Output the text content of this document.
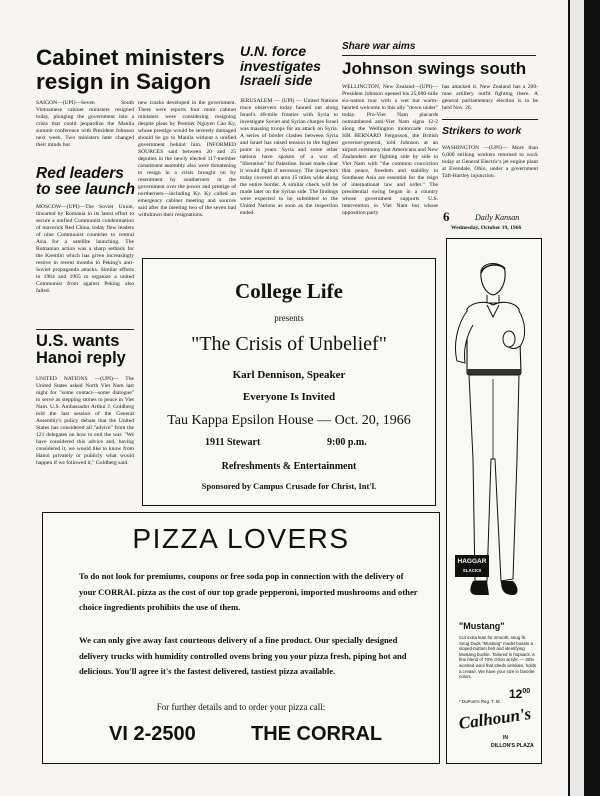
Cabinet ministers resign in Saigon
SAIGON—(UPI)—Seven South Vietnamese cabinet ministers resigned today, plunging the government into a crisis that could jeopardize the Manila summit conference with President Johnson next week. Two ministers later changed their minds but
Red leaders to see launch
MOSCOW—(UPI)—The Soviet Union, thwarted by Romania in its latest effort to secure a unified Communist condemnation of maverick Red China, today flew leaders of nine Communist countries to central Asia for a satellite launching. The Romanian action was a sharp setback for the Kremlin which has given increasingly restive in recent months to Peking's anti-Soviet propaganda attacks. Similar efforts in 1964 and 1965 to organize a united Communist front against Peking also failed.
U.S. wants Hanoi reply
UNITED NATIONS —(UPI)— The United States asked North Viet Nam last night for "some contact—some dialogue" to serve as stepping stones to peace in Viet Nam. U.S. Ambassador Arthur J. Goldberg told the last session of the General Assembly's policy debate that the United States has considered all "advice" from the 121 delegates on how to end the war. "We have considered this advice and, having considered it, we would like to know from Hanoi privately or publicly what would happen if we followed it," Goldberg said.
new cracks developed in the government. There were reports four more cabinet ministers were considering resigning despite pleas by Premier Nguyen Cao Ky, whose prestige would be severely damaged should he go to Manila without a unified government behind him. INFORMED SOURCES said between 20 and 25 deputies in the newly elected 117-member constituent assembly also were threatening to resign in a crisis brought on by resentment by southerners in the government over the power and prestige of northerners—including Ky. Ky called an emergency cabinet meeting and sources said after the meeting two of the seven had withdrawn their resignations.
U.N. force investigates Israeli side
JERUSALEM — (UPI) — United Nations truce observers today fanned out along Israel's 48-mile frontier with Syria to investigate Soviet and Syrian charges Israel was massing troops for an attack on Syria. A series of border clashes between Syria and Israel has raised tension to the highest point in years. Syria and some other nations have spoken of a war of "liberation" for Palestine. Israel made clear it would fight if necessary. The inspectors today covered an area 15 miles wide along the entire border. A similar check will be made later on the Syrian side. The findings were expected to be submitted to the United Nations as soon as the inspection ended.
Share war aims
Johnson swings south
WELLINGTON, New Zealand—(UPI)—President Johnson opened his 25,000-mile six-nation tour with a wet but warm-hearted welcome to this ally "down under" today. Pro-Viet Nam placards outnumbered anti-Viet Nam signs 12-2 along the Wellington motorcade route. SIR BERNARD Fergusson, the British governor-general, told Johnson at an airport ceremony that Americans and New Zealanders are fighting side by side in Viet Nam with "the common conviction that peace, freedom and stability in Southeast Asia are essential for the reign of international law and order." The presidential swing began in a country whose government supports U.S. intervention in Viet Nam but whose opposition party
has attacked it. New Zealand has a 200-man artillery outfit fighting there. A general parliamentary election is to be held Nov. 26.
Strikers to work
WASHINGTON —(UPI)— More than 6,000 striking workers returned to work today at General Electric's jet engine plant at Evendale, Ohio, under a government Taft-Hartley injunction.
6	Daily Kansan
Wednesday, October 19, 1966
College Life
presents
"The Crisis of Unbelief"
Karl Dennison, Speaker
Everyone Is Invited
Tau Kappa Epsilon House — Oct. 20, 1966
1911 Stewart	9:00 p.m.
Refreshments & Entertainment
Sponsored by Campus Crusade for Christ, Int'l.
PIZZA LOVERS
To do not look for premiums, coupons or free soda pop in connection with the delivery of your CORRAL pizza as the cost of our top grade pepperoni, imported mushrooms and other choice ingredients prohibits the use of them.
We can only give away fast courteous delivery of a fine product. Our specially designed delivery trucks with humidity controlled ovens bring you your pizza fresh, piping hot and delicious. You'll agree it's the fastest delivered, tastiest pizza available.
For further details and to order your pizza call:
VI 2-2500	THE CORRAL
HAGGAR
SLACKS
"Mustang"
Cut extra lean for smooth, snug fit. Snug Duds "Mustang" model boasts a sloped-bottom belt and identifying Mustang buckle. Tailored in hopsack, a fine blend of 70% Orlon acrylic — 30% worsted wool that sheds wrinkles, holds a crease. We have your size in favorite colors.
* DuPont's Reg. T. M.
$12^{00}$
Calhoun's
IN
DILLON'S PLAZA
